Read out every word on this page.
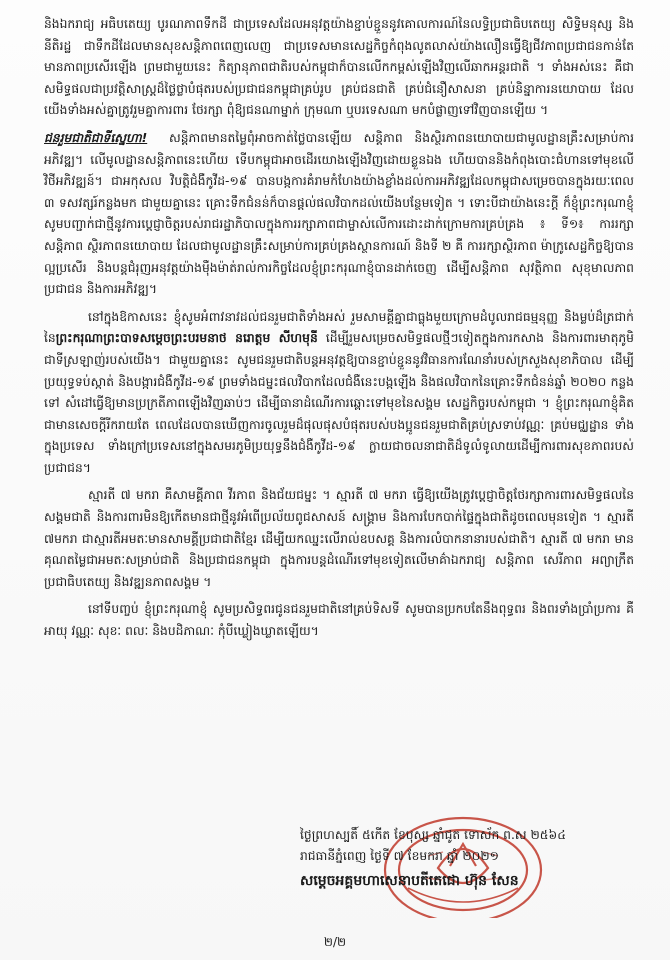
និងឯករាជ្យ អធិបតេយ្យ បូរណភាពទឹកដី ជាប្រទេសដែលអនុវត្តយ៉ាងខ្ជាប់ខ្ជួននូវគោលការណ៍នៃលទ្ធិប្រជាធិបតេយ្យ សិទ្ធិមនុស្ស និងនីតិរដ្ឋ ជាទឹកដីដែលមានសុខសន្តិភាពពេញលេញ ជាប្រទេសមានសេដ្ឋកិច្ចកំពុងលូតលាស់យ៉ាងលឿនធ្វើឱ្យជីវភាពប្រជាជនកាន់តែមានភាពប្រសើរឡើង ព្រមជាមួយនេះ កិត្យានុភាពជាតិរបស់កម្ពុជាក៏បានលើកកម្ពស់ឡើងវិញលើឆាកអន្តរជាតិ ។ ទាំងអស់នេះ គឺជាសមិទ្ធផលជាប្រវត្តិសាស្ត្រដ៏ថ្លៃថ្លាបំផុតរបស់ប្រជាជនកម្ពុជាគ្រប់រូប គ្រប់ជនជាតិ គ្រប់ជំនឿសាសនា គ្រប់និន្នាការនយោបាយ ដែលយើងទាំងអស់គ្នាត្រូវរួមគ្នាការពារ ថែរក្សា ពុំឱ្យជនណាម្នាក់ ក្រុមណា ឬបរទេសណា មកបំផ្លាញទៅវិញបានឡើយ ។

ជនរួមជាតិជាទីស្នេហា! សន្តិភាពមានតម្លៃពុំអាចកាត់ថ្លៃបានឡើយ សន្តិភាព និងស្ថិរភាពនយោបាយជាមូលដ្ឋានគ្រឹះសម្រាប់ការអភិវឌ្ឍ។ លើមូលដ្ឋានសន្តិភាពនេះហើយ ទើបកម្ពុជាអាចដើរយោងឡើងវិញដោយខ្លួនឯង ហើយបាននិងកំពុងបោះជំហានទៅមុខលើវិថីអភិវឌ្ឍន៍។ ជាអកុសល វិបត្តិជំងឺកូវីដ-១៩ បានបង្កការគំរាមកំហែងយ៉ាងខ្លាំងដល់ការអភិវឌ្ឍដែលកម្ពុជាសម្រេចបានក្នុងរយៈពេល ៣ ទសវត្សរ៍កន្លងមក ជាមួយគ្នានេះ គ្រោះទឹកជំនន់ក៏បានផ្តល់ផលវិបាកដល់យើងបន្ថែមទៀត ។ ទោះបីជាយ៉ាងនេះក្តី ក៏ខ្ញុំព្រះករុណាខ្ញុំ សូមបញ្ជាក់ជាថ្មីនូវការប្តេជ្ញាចិត្តរបស់រាជរដ្ឋាភិបាលក្នុងការរក្សាភាពជាម្ចាស់លើការដោះដាក់ក្រោមការគ្រប់គ្រង ៖ ទី១៖ ការរក្សាសន្តិភាព ស្ថិរភាពនយោបាយ ដែលជាមូលដ្ឋានគ្រឹះសម្រាប់ការគ្រប់គ្រងស្ថានការណ៍ និងទី ២ គឺ ការរក្សាស្ថិរភាព ម៉ាក្រូសេដ្ឋកិច្ចឱ្យបានល្អប្រសើរ និងបន្តជំរុញអនុវត្តយ៉ាងម៉ឺងម៉ាត់រាល់ការកិច្ចដែលខ្ញុំព្រះករុណាខ្ញុំបានដាក់ចេញ ដើម្បីសន្តិភាព សុវត្ថិភាព សុខុមាលភាពប្រជាជន និងការអភិវឌ្ឍ។

នៅក្នុងឱកាសនេះ ខ្ញុំសូមអំពាវនាវដល់ជនរួមជាតិទាំងអស់ រួមសាមគ្គីគ្នាជាធ្លុងមួយក្រោមដំបូលរាជធម្មនុញ្ញ និងម្លប់ដ៏ត្រជាក់នៃព្រះករុណាព្រះបាទសម្តេចព្រះបរមនាថ នរោត្តម សីហមុនី ដើម្បីរួមសម្រេចសមិទ្ធផលថ្មីៗទៀតក្នុងការកសាង និងការពារមាតុភូមិជាទីស្រឡាញ់របស់យើង។ ជាមួយគ្នានេះ សូមជនរួមជាតិបន្តអនុវត្តឱ្យបានខ្ជាប់ខ្ជួននូវវិធានការណែនាំរបស់ក្រសួងសុខាភិបាល ដើម្បីប្រយុទ្ធទប់ស្កាត់ និងបង្ការជំងឺកូវីដ-១៩ ព្រមទាំងជម្នះផលវិបាកដែលជំងឺនេះបង្កឡើង និងផលវិបាកនៃគ្រោះទឹកជំនន់ឆ្នាំ ២០២០ កន្លងទៅ សំដៅធ្វើឱ្យមានប្រក្រតីភាពឡើងវិញឆាប់ៗ ដើម្បីធានាដំណើរការឆ្ពោះទៅមុខនៃសង្គម សេដ្ឋកិច្ចរបស់កម្ពុជា ។ ខ្ញុំព្រះករុណាខ្ញុំគិតជាមានសេចក្តីរីករាយតែ ពេលដែលបានឃើញការចូលរួមដ៏ផុលផុសបំផុតរបស់បងប្អូនជនរួមជាតិគ្រប់ស្រទាប់វណ្ណៈ គ្រប់មជ្ឈដ្ឋាន ទាំងក្នុងប្រទេស ទាំងក្រៅប្រទេសនៅក្នុងសមរភូមិប្រយុទ្ធនឹងជំងឺកូវីដ-១៩ ក្លាយជាចលនាជាតិដ៏ទូលំទូលាយដើម្បីការពារសុខភាពរបស់ប្រជាជន។

ស្មារតី ៧ មករា គឺសាមគ្គីភាព វីរភាព និងជ័យជម្នះ ។ ស្មារតី ៧ មករា ធ្វើឱ្យយើងត្រូវប្តេជ្ញាចិត្តថែរក្សាការពារសមិទ្ធផលនៃសង្គមជាតិ និងការពារមិនឱ្យកើតមានជាថ្មីនូវអំពើប្រល័យពូជសាសន៍ សង្គ្រាម និងការបែកបាក់ផ្ទៃក្នុងជាតិដូចពេលមុនទៀត ។ ស្មារតី ៧មករា ជាស្មារតីអមតៈមានសាមគ្គីប្រជាជាតិខ្មែរ ដើម្បីយកឈ្នះលើរាល់ឧបសគ្គ និងការលំបាកនានារបស់ជាតិ។ ស្មារតី ៧ មករា មានគុណតម្លៃជាអមតៈសម្រាប់ជាតិ និងប្រជាជនកម្ពុជា ក្នុងការបន្តដំណើរទៅមុខទៀតលើមាគ៌ាឯករាជ្យ សន្តិភាព សេរីភាព អព្យាក្រឹត ប្រជាធិបតេយ្យ និងវឌ្ឍនភាពសង្គម ។

នៅទីបញ្ចប់ ខ្ញុំព្រះករុណាខ្ញុំ សូមប្រសិទ្ធពរជូនជនរួមជាតិនៅគ្រប់ទិសទី សូមបានប្រកបតែនឹងពុទ្ធពរ និងពរទាំងប្រាំប្រការ គឺអាយុ វណ្ណៈ សុខៈ ពលៈ និងបដិភាណៈ កុំបីឃ្លៀងឃ្លាតឡើយ។

ថ្ងៃព្រហស្បតិ៍ ៥កើត ខែបុស្ស ឆ្នាំជូត ទោស័ក ព.ស ២៥៦៤
រាជធានីភ្នំពេញ ថ្ងៃទី ៧ ខែមករា ឆ្នាំ ២០២១
សម្តេចអគ្គមហាសេនាបតីតេជោ ហ៊ុន សែន
២/២
